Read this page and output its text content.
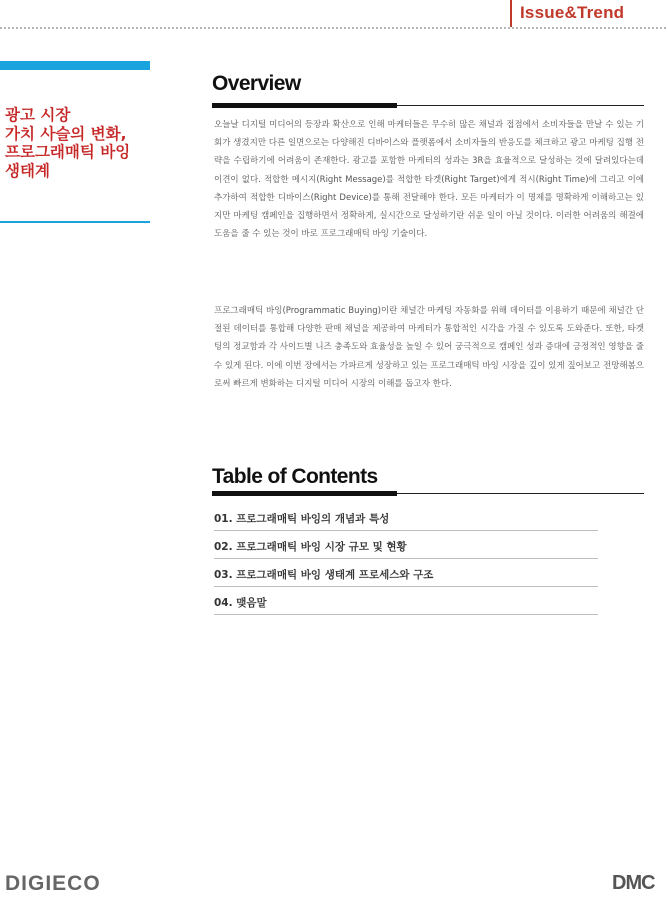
Issue&Trend
광고 시장
가치 사슬의 변화,
프로그래매틱 바잉
생태계
Overview

오늘날 디지털 미디어의 등장과 확산으로 인해 마케터들은 무수히 많은 채널과 접점에서 소비자들을 만날 수 있는 기회가 생겼지만 다른 일면으로는 다양해진 디바이스와 플랫폼에서 소비자들의 반응도를 체크하고 광고 마케팅 집행 전략을 수립하기에 어려움이 존재한다. 광고를 포함한 마케터의 성과는 3R을 효율적으로 달성하는 것에 달려있다는데 이견이 없다. 적합한 메시지(Right Message)를 적합한 타겟(Right Target)에게 적시(Right Time)에 그리고 이에 추가하여 적합한 디바이스(Right Device)를 통해 전달해야 한다. 모든 마케터가 이 명제를 명확하게 이해하고는 있지만 마케팅 캠페인을 집행하면서 정확하게, 실시간으로 달성하기란 쉬운 일이 아닐 것이다. 이러한 어려움의 해결에 도움을 줄 수 있는 것이 바로 프로그래매틱 바잉 기술이다.

프로그래매틱 바잉(Programmatic Buying)이란 채널간 마케팅 자동화를 위해 데이터를 이용하기 때문에 채널간 단절된 데이터를 통합해 다양한 판매 채널을 제공하여 마케터가 통합적인 시각을 가질 수 있도록 도와준다. 또한, 타겟팅의 정교함과 각 사이드별 니즈 충족도와 효율성을 높일 수 있어 궁극적으로 캠페인 성과 증대에 긍정적인 영향을 줄 수 있게 된다. 이에 이번 장에서는 가파르게 성장하고 있는 프로그래매틱 바잉 시장을 깊이 있게 짚어보고 전망해봄으로써 빠르게 변화하는 디지털 미디어 시장의 이해를 돕고자 한다.

Table of Contents
01. 프로그래매틱 바잉의 개념과 특성
02. 프로그래매틱 바잉 시장 규모 및 현황
03. 프로그래매틱 바잉 생태계 프로세스와 구조
04. 맺음말
DIGIECO	DMC
